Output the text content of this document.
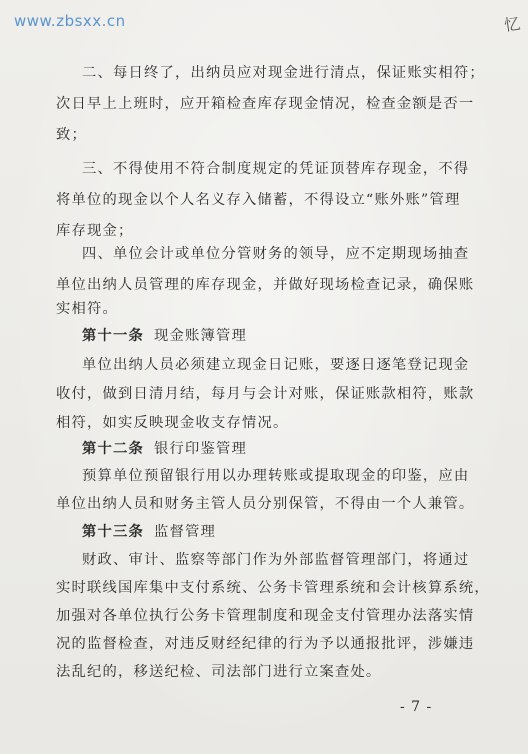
www.zbsxx.cn	忆
二、每日终了，出纳员应对现金进行清点，保证账实相符；
次日早上上班时，应开箱检查库存现金情况，检查金额是否一
致；
三、不得使用不符合制度规定的凭证顶替库存现金，不得
将单位的现金以个人名义存入储蓄，不得设立“账外账”管理
库存现金；
四、单位会计或单位分管财务的领导，应不定期现场抽查
单位出纳人员管理的库存现金，并做好现场检查记录，确保账
实相符。
第十一条 现金账簿管理
单位出纳人员必须建立现金日记账，要逐日逐笔登记现金
收付，做到日清月结，每月与会计对账，保证账款相符，账款
相符，如实反映现金收支存情况。
第十二条 银行印鉴管理
预算单位预留银行用以办理转账或提取现金的印鉴，应由
单位出纳人员和财务主管人员分别保管，不得由一个人兼管。
第十三条 监督管理
财政、审计、监察等部门作为外部监督管理部门，将通过
实时联线国库集中支付系统、公务卡管理系统和会计核算系统，
加强对各单位执行公务卡管理制度和现金支付管理办法落实情
况的监督检查，对违反财经纪律的行为予以通报批评，涉嫌违
法乱纪的，移送纪检、司法部门进行立案查处。
- 7 -
